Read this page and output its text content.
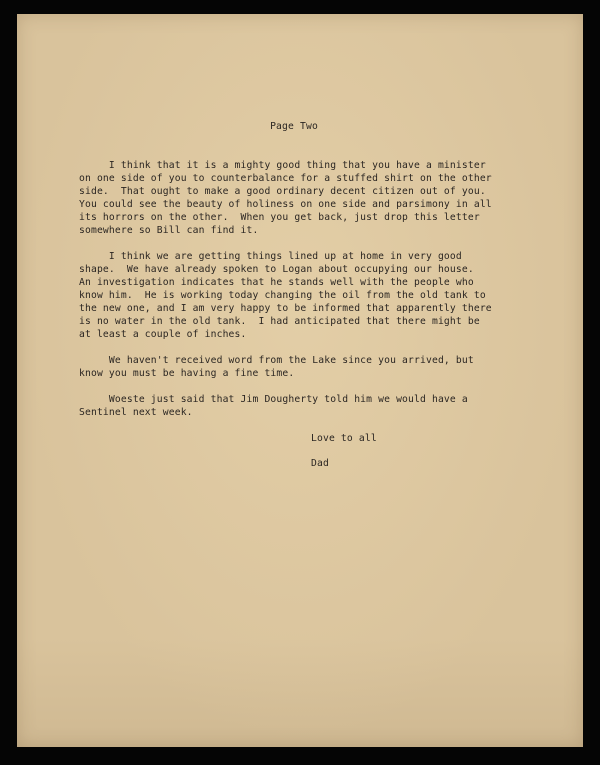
Page Two
I think that it is a mighty good thing that you have a minister
on one side of you to counterbalance for a stuffed shirt on the other
side.  That ought to make a good ordinary decent citizen out of you.
You could see the beauty of holiness on one side and parsimony in all
its horrors on the other.  When you get back, just drop this letter
somewhere so Bill can find it.
I think we are getting things lined up at home in very good
shape.  We have already spoken to Logan about occupying our house.
An investigation indicates that he stands well with the people who
know him.  He is working today changing the oil from the old tank to
the new one, and I am very happy to be informed that apparently there
is no water in the old tank.  I had anticipated that there might be
at least a couple of inches.
We haven't received word from the Lake since you arrived, but
know you must be having a fine time.
Woeste just said that Jim Dougherty told him we would have a
Sentinel next week.
Love to all
Dad
